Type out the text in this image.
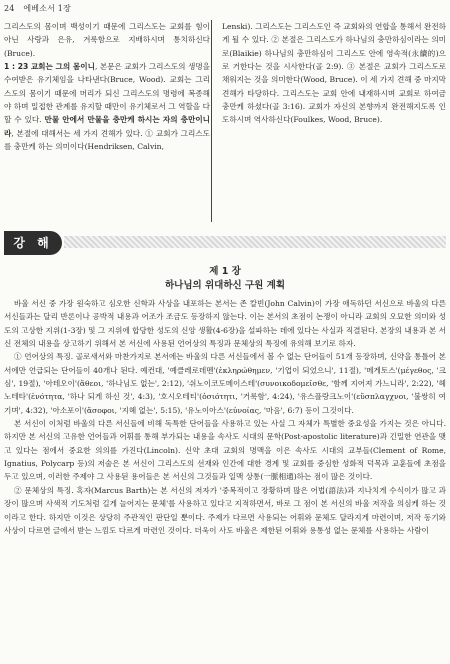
24 에베소서 1장

그리스도의 몸이며 백성이기 때문에 그리스도는 교회를 힘이 아닌 사랑과 은유, 겨룩함으로 지배하시며 통치하신다(Bruce).

1 : 23 교회는 그의 몸이니, 본문은 교회가 그리스도의 생명을 수여받은 유기체임을 나타낸다(Bruce, Wood). 교회는 그리스도의 몸이기 때문에 머리가 되신 그리스도의 명령에 복종해야 하며 밀접한 관계를 유지할 때만이 유기체로서 그 역할을 다할 수 있다. 만물 안에서 만물을 충만케 하시는 자의 충만이니라, 본절에 대해서는 세 가지 견해가 있다. ① 교회가 그리스도를 충만케 하는 의미이다(Hendriksen, Calvin,

Lenski). 그리스도는 그리스도인 즉 교회와의 연합을 통해서 완전하게 될 수 있다. ② 본절은 그리스도가 하나님의 충만하심이라는 의미로(Blaikie) 하나님의 충만하심이 그리스도 안에 영속적(永續的)으로 거한다는 것을 시사한다(골 2:9). ③ 본절은 교회가 그리스도로 채워지는 것을 의미한다(Wood, Bruce). 이 세 가지 견해 중 마지막 견해가 타당하다. 그리스도는 교회 안에 내재하시며 교회로 하여금 충만케 하셨다(골 3:16). 교회가 자신의 본향까지 완전해지도록 인도하시며 역사하신다(Foulkes, Wood, Bruce).

강 해
제 1 장
하나님의 위대하신 구원 계획

바울 서신 중 가장 원숙하고 심오한 신학과 사상을 내포하는 본서는 존 칼빈(John Calvin)이 가장 애독하던 서신으로 바울의 다른 서신들과는 달리 반론이나 공박적 내용과 어조가 조금도 등장하지 않는다. 이는 본서의 초점이 논쟁이 아니라 교회의 오묘한 의미와 성도의 고상한 지위(1-3장) 및 그 지위에 합당한 성도의 신앙 생활(4-6장)을 설파하는 데에 있다는 사실과 직결된다. 본장의 내용과 본 서신 전체의 내용을 상고하기 위해서 본 서신에 사용된 언어상의 특징과 문체상의 특징에 유의해 보기로 하자.

① 언어상의 특징. 골로새서와 마찬가지로 본서에는 바울의 다른 서신들에서 볼 수 없는 단어들이 51개 등장하며, 신약을 통틀어 본서에만 언급되는 단어들이 40개나 된다. 예컨대, '예클레로데멘'(ἐκληρώθημεν, '기업이 되었으니', 11절), '메게토스'(μέγεθος, '크심', 19절), '아테오이'(ἄθεοι, '하나님도 없는', 2:12), '쉬노이코도메이스테'(συνοικοδομεῖσθε, '함께 지어져 가느니라', 2:22), '헤노테타'(ἑνότητα, '하나 되게 하신 것', 4:3), '호시오테티'(ὁσιότητι, '거룩함', 4:24), '유스플랑크노이'(εὔσπλαγχνοι, '불쌍히 여기며', 4:32), '아소포이'(ἄσοφοι, '지혜 없는', 5:15), '유노이아스'(εὐνοίας, '마음', 6:7) 등이 그것이다.

본 서신이 이처럼 바울의 다른 서신들에 비해 독특한 단어들을 사용하고 있는 사실 그 자체가 특별한 중요성을 가지는 것은 아니다. 하지만 본 서신의 고유한 언어들과 어휘를 통해 부가되는 내용을 속사도 시대의 문학(Post-apostolic literature)과 긴밀한 연관을 맺고 있다는 점에서 중요한 의의를 가진다(Lincoln). 신약 초대 교회의 명맥을 이은 속사도 시대의 교부들(Clement of Rome, Ignatius, Polycarp 등)의 저술은 본 서신이 그리스도의 선재와 인간에 대한 경계 및 교회를 중심한 성화적 덕목과 교훈들에 초점을 두고 있으며, 이러한 주제야 그 사용된 용어들은 본 서신의 그것들과 일맥 상통(一脈相通)하는 점이 많은 것이다.

② 문체상의 특징. 혹자(Marcus Barth)는 본 서신의 저자가 '중복적이고 장황하며 많은 어법(語法)과 지나치게 수식이가 많고 과장이 많으며 사색적 기도처럼 길게 늘어지는 문체'를 사용하고 있다고 지적하면서, 바로 그 점이 본 서신의 바울 저작을 의심케 하는 것이라고 한다. 하지만 이것은 상당히 주관적인 판단일 뿐이다. 주제가 다르면 사용되는 어휘와 문체도 달라지게 마련이며, 저작 동기와 사상이 다르면 글에서 받는 느낌도 다르게 마련인 것이다. 더욱이 사도 바울은 제한된 어휘와 용통성 없는 문체를 사용하는 사람이
